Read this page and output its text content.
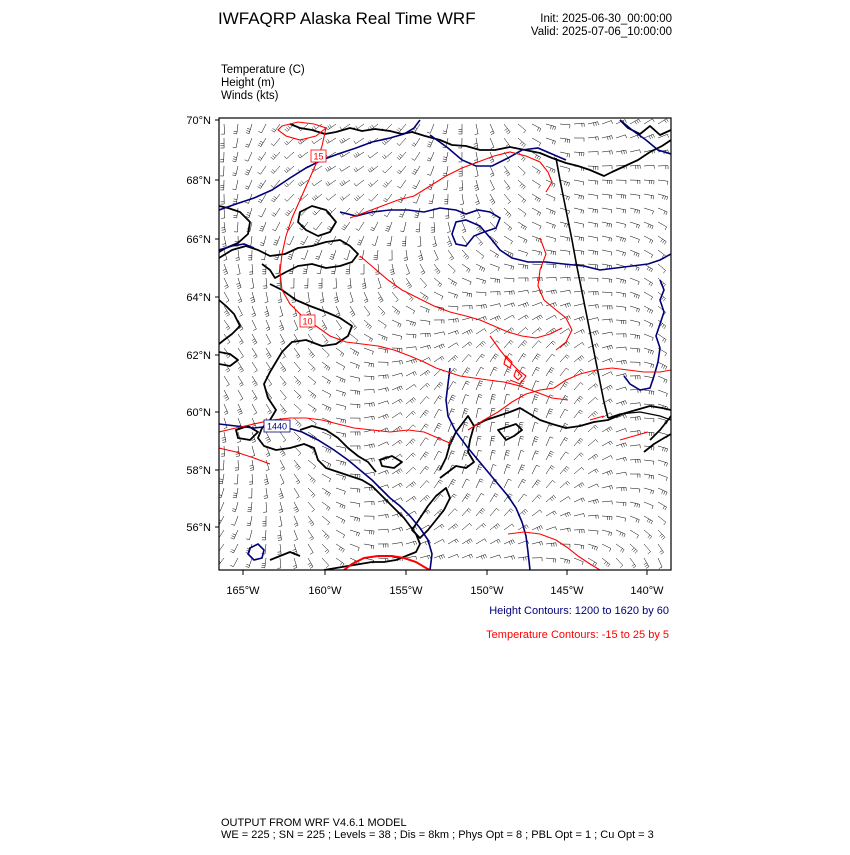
IWFAQRP Alaska Real Time WRF	Init: 2025-06-30_00:00:00
Valid: 2025-07-06_10:00:00
Temperature (C)
Height (m)
Winds (kts)
15
10
1440
70°N
68°N
66°N
64°N
62°N
60°N
58°N
56°N
165°W	160°W	155°W	150°W	145°W	140°W
Height Contours: 1200 to 1620 by 60
Temperature Contours: -15 to 25 by 5
OUTPUT FROM WRF V4.6.1 MODEL
WE = 225 ; SN = 225 ; Levels = 38 ; Dis = 8km ; Phys Opt = 8 ; PBL Opt = 1 ; Cu Opt = 3
